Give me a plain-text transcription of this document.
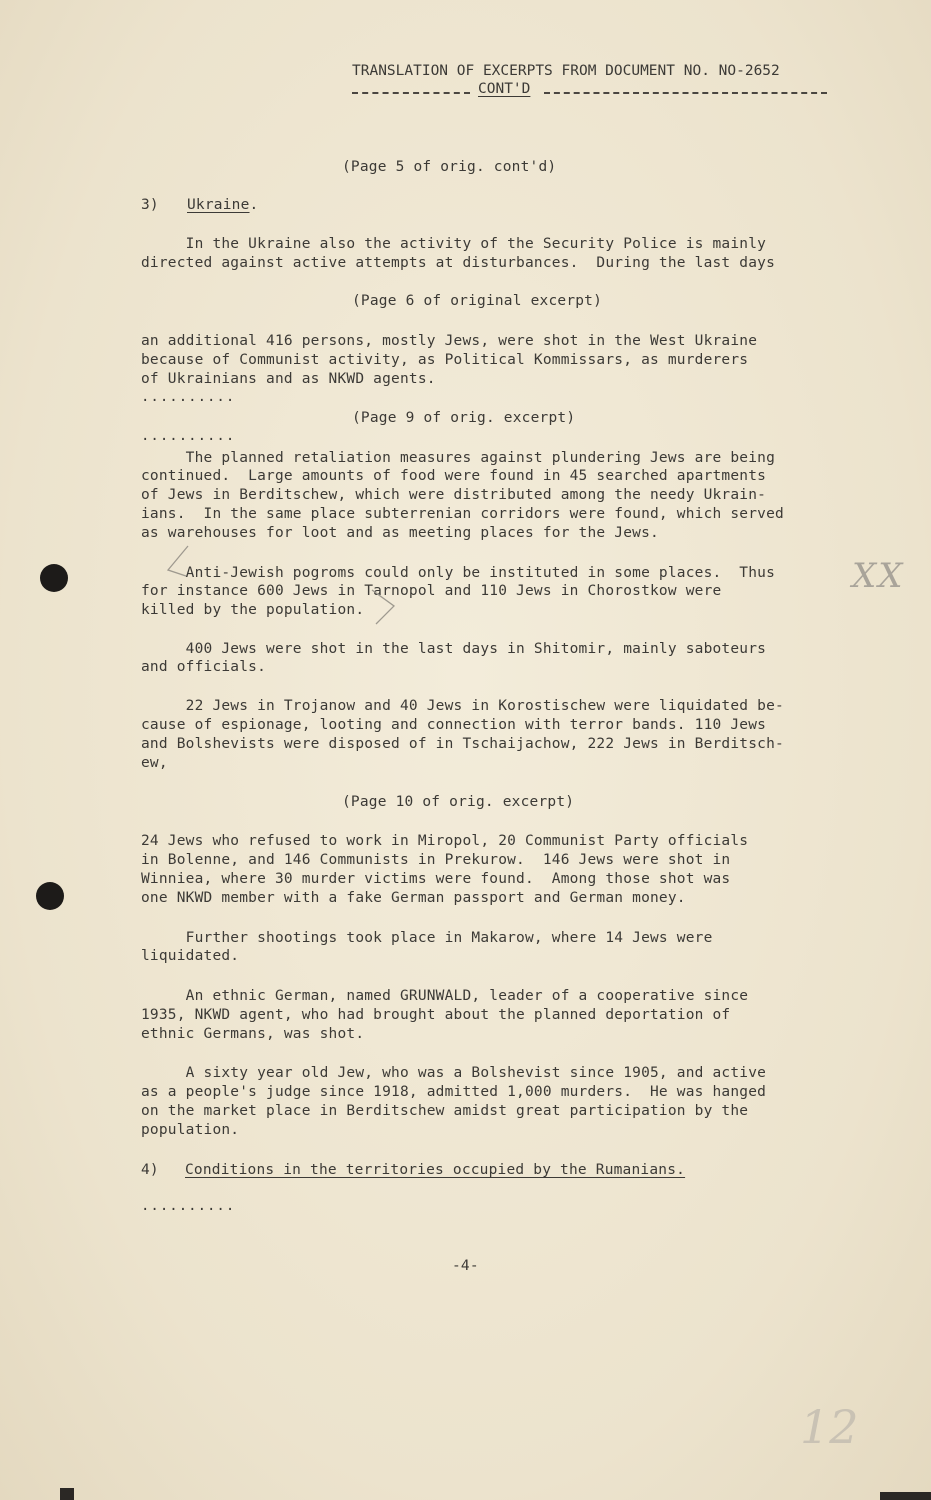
TRANSLATION OF EXCERPTS FROM DOCUMENT NO. NO-2652
CONT'D
(Page 5 of orig. cont'd)
3) Ukraine.
In the Ukraine also the activity of the Security Police is mainly
directed against active attempts at disturbances.  During the last days
(Page 6 of original excerpt)
an additional 416 persons, mostly Jews, were shot in the West Ukraine
because of Communist activity, as Political Kommissars, as murderers
of Ukrainians and as NKWD agents.
..........
(Page 9 of orig. excerpt)
..........
The planned retaliation measures against plundering Jews are being
continued.  Large amounts of food were found in 45 searched apartments
of Jews in Berditschew, which were distributed among the needy Ukrain-
ians.  In the same place subterrenian corridors were found, which served
as warehouses for loot and as meeting places for the Jews.
Anti-Jewish pogroms could only be instituted in some places.  Thus
for instance 600 Jews in Tarnopol and 110 Jews in Chorostkow were
killed by the population.
400 Jews were shot in the last days in Shitomir, mainly saboteurs
and officials.
22 Jews in Trojanow and 40 Jews in Korostischew were liquidated be-
cause of espionage, looting and connection with terror bands. 110 Jews
and Bolshevists were disposed of in Tschaijachow, 222 Jews in Berditsch-
ew,
(Page 10 of orig. excerpt)
24 Jews who refused to work in Miropol, 20 Communist Party officials
in Bolenne, and 146 Communists in Prekurow.  146 Jews were shot in
Winniea, where 30 murder victims were found.  Among those shot was
one NKWD member with a fake German passport and German money.
Further shootings took place in Makarow, where 14 Jews were
liquidated.
An ethnic German, named GRUNWALD, leader of a cooperative since
1935, NKWD agent, who had brought about the planned deportation of
ethnic Germans, was shot.
A sixty year old Jew, who was a Bolshevist since 1905, and active
as a people's judge since 1918, admitted 1,000 murders.  He was hanged
on the market place in Berditschew amidst great participation by the
population.
4) Conditions in the territories occupied by the Rumanians.
..........
-4-
XX
12
